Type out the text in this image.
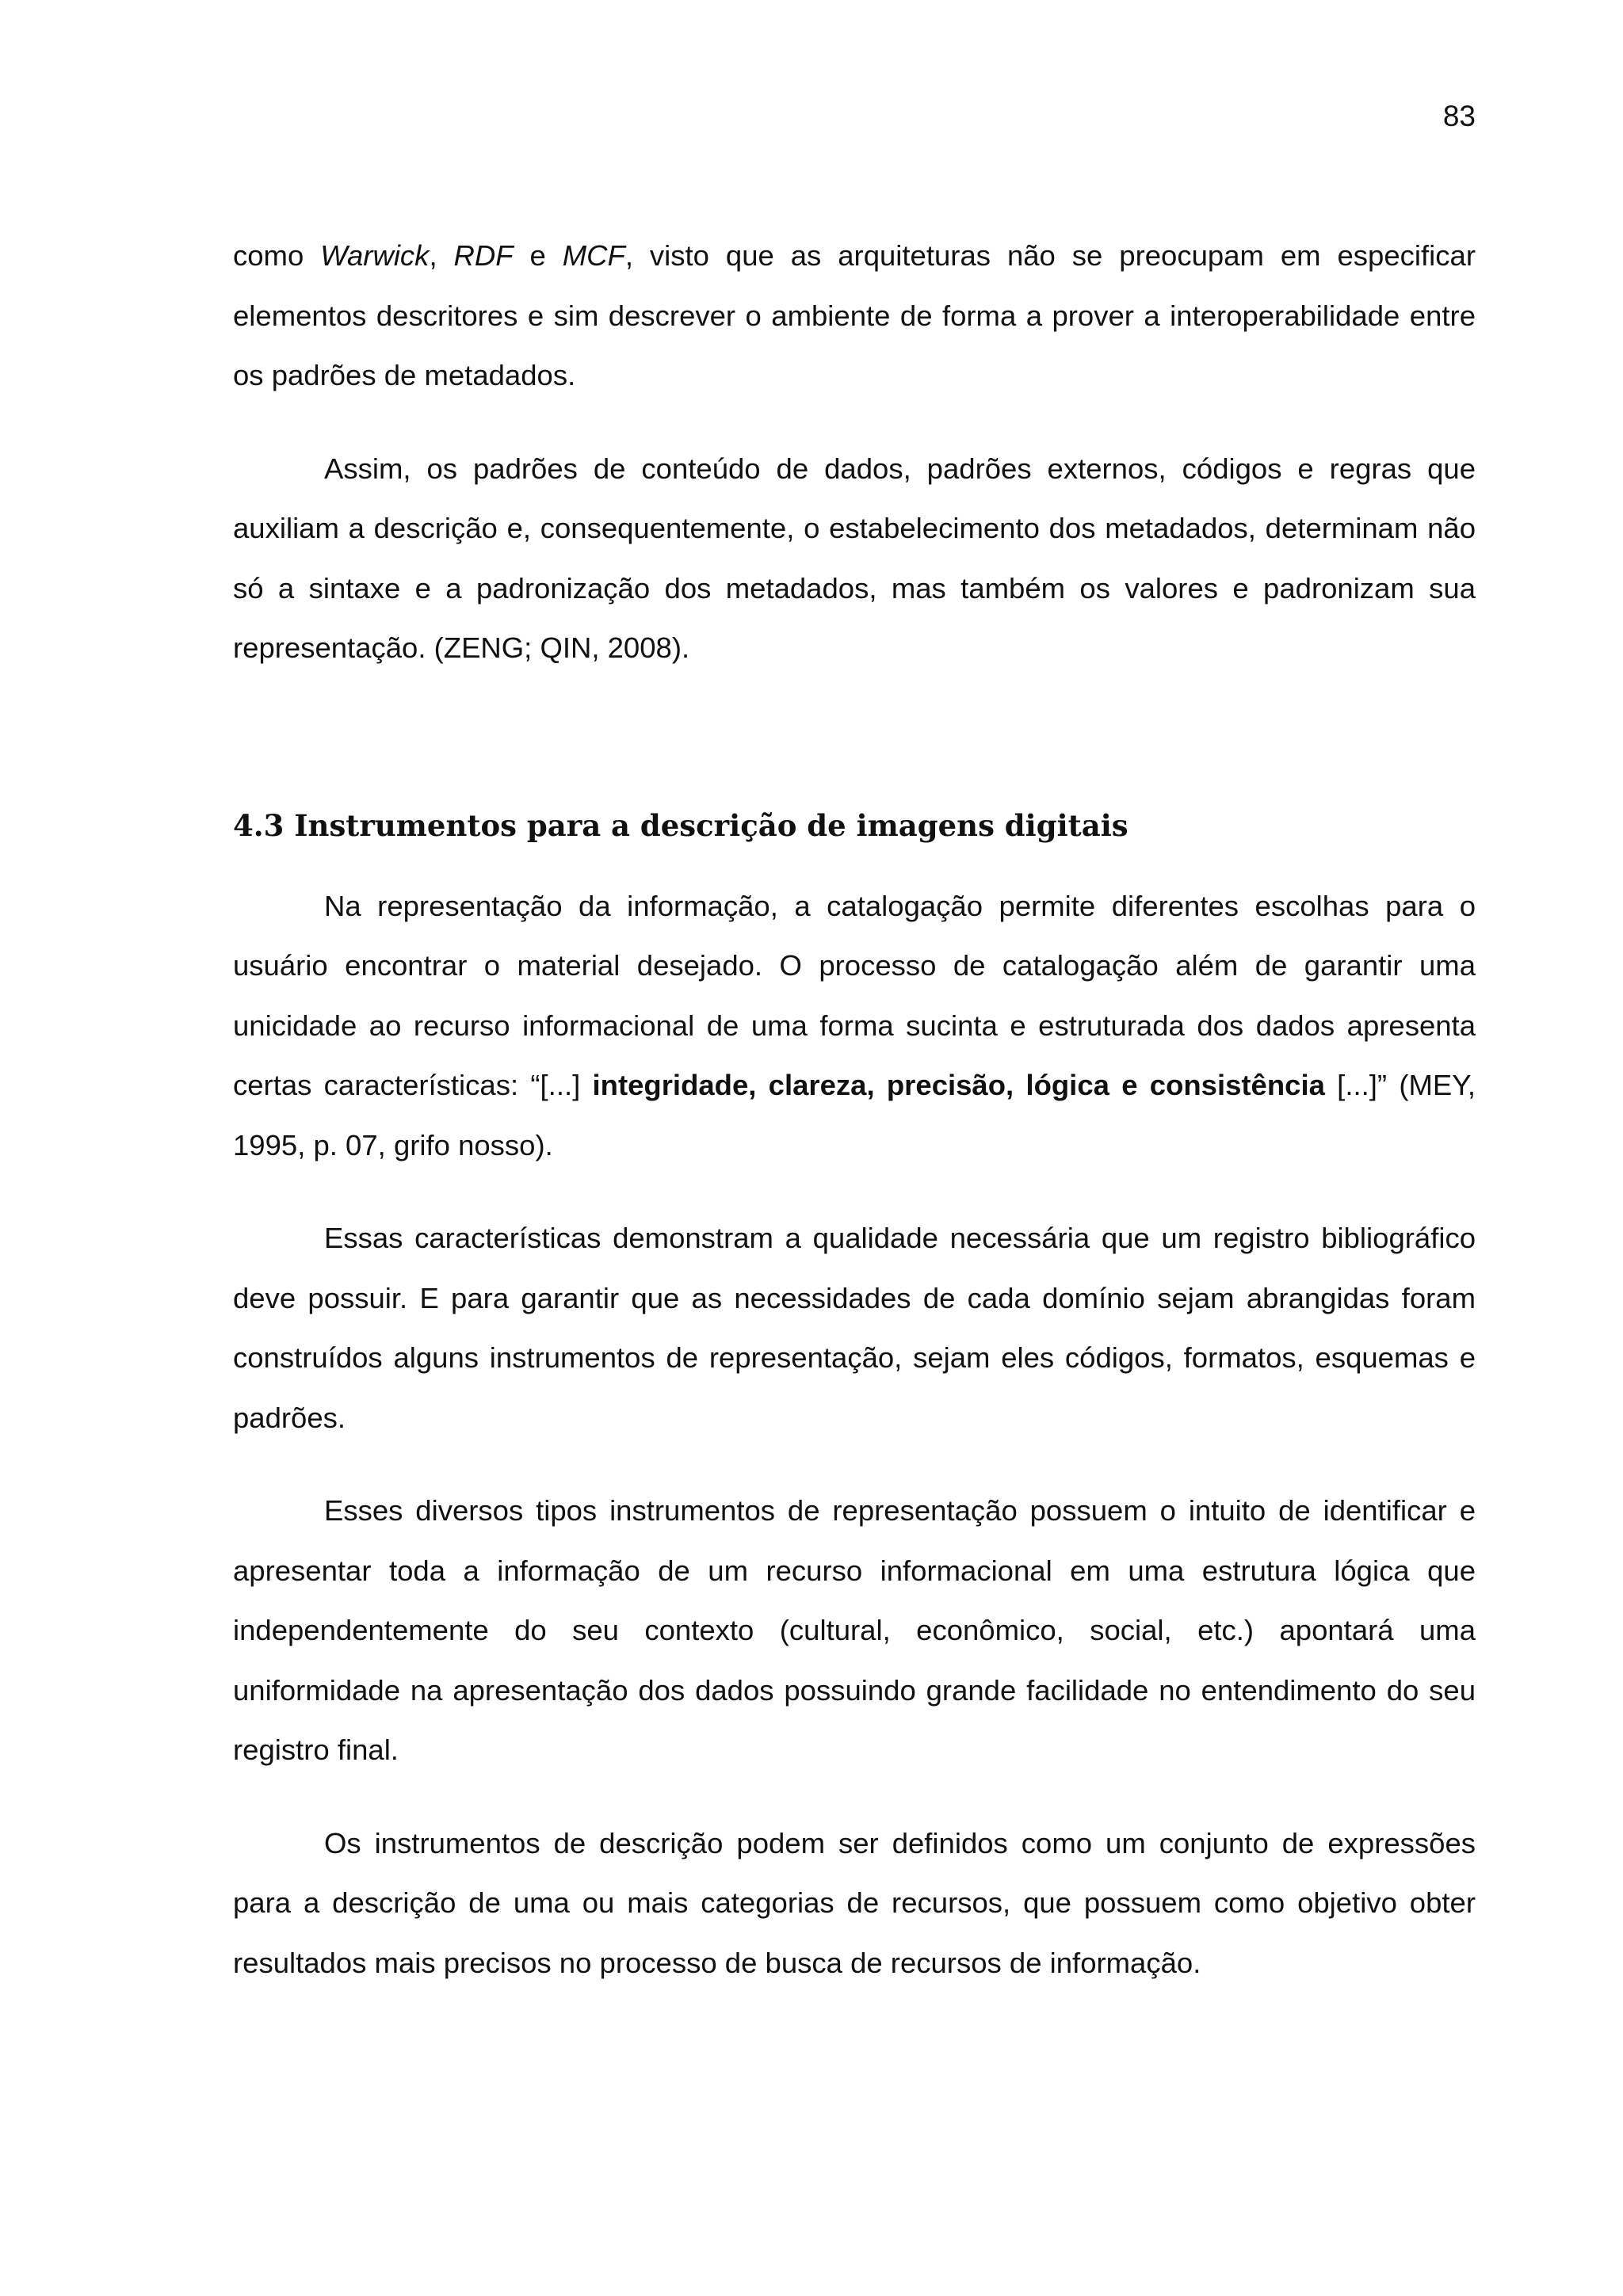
83

como Warwick, RDF e MCF, visto que as arquiteturas não se preocupam em especificar elementos descritores e sim descrever o ambiente de forma a prover a interoperabilidade entre os padrões de metadados.

Assim, os padrões de conteúdo de dados, padrões externos, códigos e regras que auxiliam a descrição e, consequentemente, o estabelecimento dos metadados, determinam não só a sintaxe e a padronização dos metadados, mas também os valores e padronizam sua representação. (ZENG; QIN, 2008).

4.3 Instrumentos para a descrição de imagens digitais

Na representação da informação, a catalogação permite diferentes escolhas para o usuário encontrar o material desejado. O processo de catalogação além de garantir uma unicidade ao recurso informacional de uma forma sucinta e estruturada dos dados apresenta certas características: “[...] integridade, clareza, precisão, lógica e consistência [...]” (MEY, 1995, p. 07, grifo nosso).

Essas características demonstram a qualidade necessária que um registro bibliográfico deve possuir. E para garantir que as necessidades de cada domínio sejam abrangidas foram construídos alguns instrumentos de representação, sejam eles códigos, formatos, esquemas e padrões.

Esses diversos tipos instrumentos de representação possuem o intuito de identificar e apresentar toda a informação de um recurso informacional em uma estrutura lógica que independentemente do seu contexto (cultural, econômico, social, etc.) apontará uma uniformidade na apresentação dos dados possuindo grande facilidade no entendimento do seu registro final.

Os instrumentos de descrição podem ser definidos como um conjunto de expressões para a descrição de uma ou mais categorias de recursos, que possuem como objetivo obter resultados mais precisos no processo de busca de recursos de informação.
